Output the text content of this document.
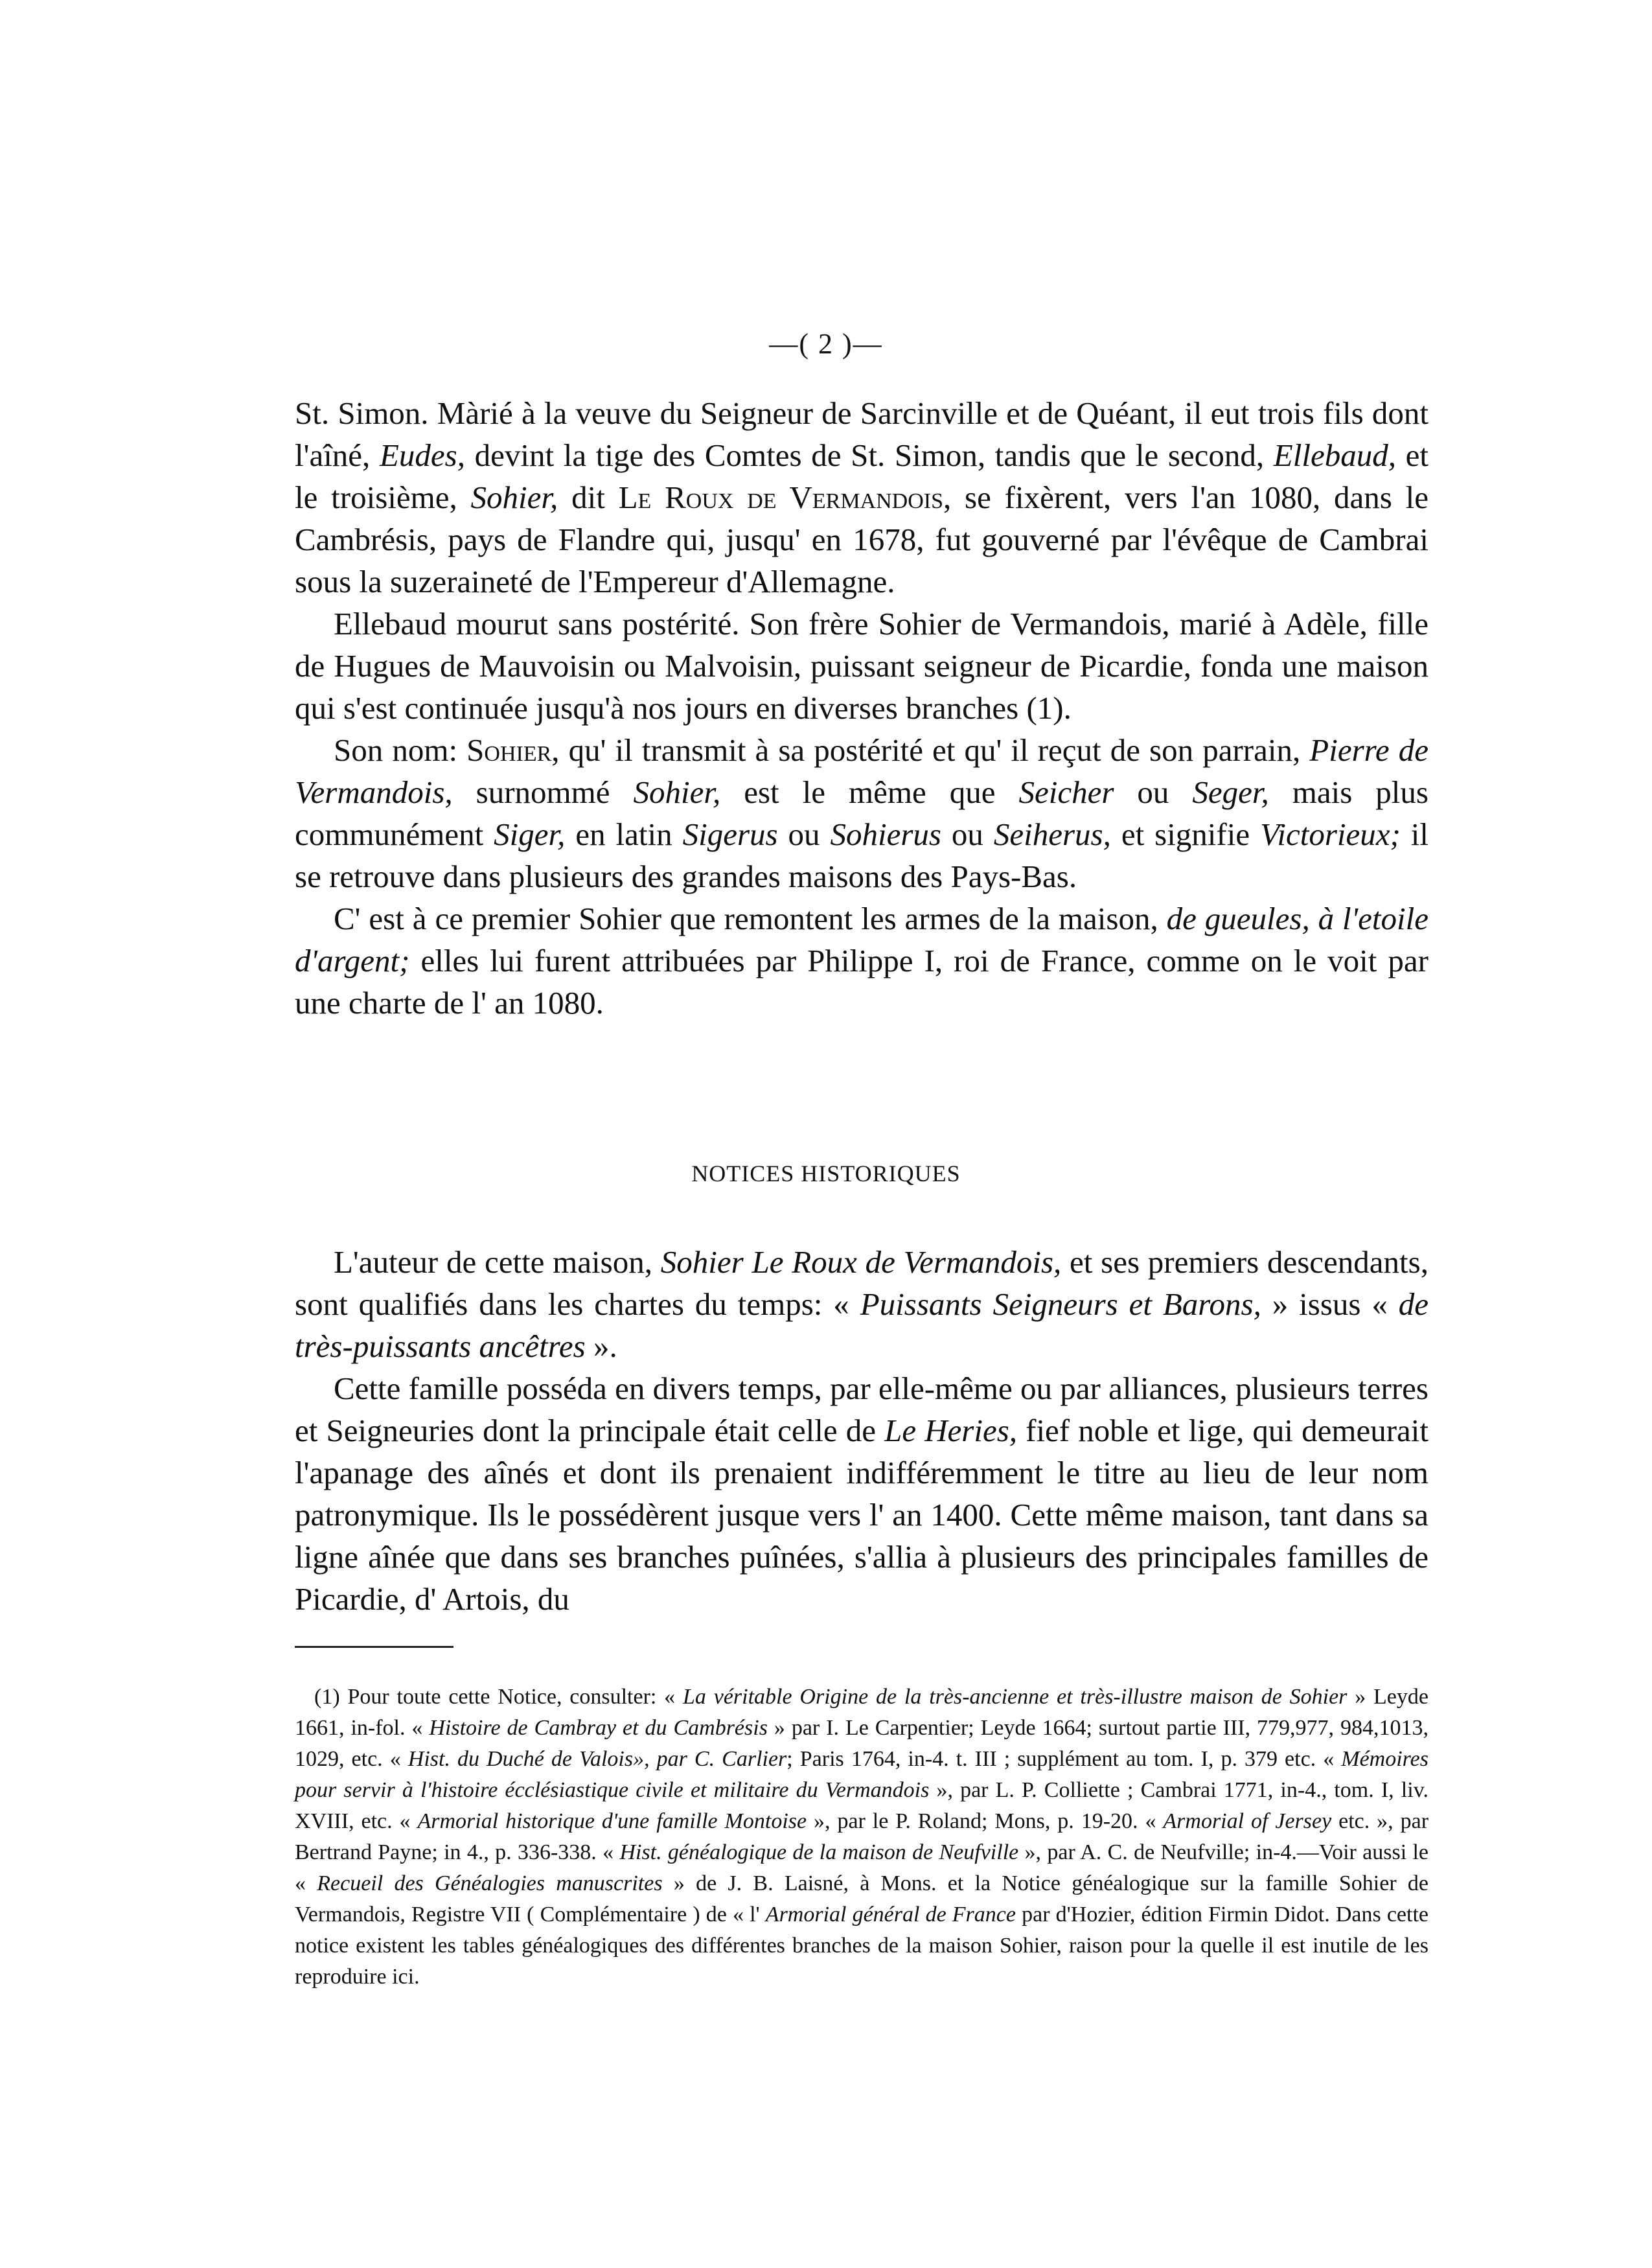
—( 2 )—

St. Simon. Màrié à la veuve du Seigneur de Sarcinville et de Quéant, il eut trois fils dont l'aîné, Eudes, devint la tige des Comtes de St. Simon, tandis que le second, Ellebaud, et le troisième, Sohier, dit Le Roux de Vermandois, se fixèrent, vers l'an 1080, dans le Cambrésis, pays de Flandre qui, jusqu' en 1678, fut gouverné par l'évêque de Cambrai sous la suzeraineté de l'Empereur d'Allemagne.

Ellebaud mourut sans postérité. Son frère Sohier de Vermandois, marié à Adèle, fille de Hugues de Mauvoisin ou Malvoisin, puissant seigneur de Picardie, fonda une maison qui s'est continuée jusqu'à nos jours en diverses branches (1).

Son nom: Sohier, qu' il transmit à sa postérité et qu' il reçut de son parrain, Pierre de Vermandois, surnommé Sohier, est le même que Seicher ou Seger, mais plus communément Siger, en latin Sigerus ou Sohierus ou Seiherus, et signifie Victorieux; il se retrouve dans plusieurs des grandes maisons des Pays-Bas.

C' est à ce premier Sohier que remontent les armes de la maison, de gueules, à l'etoile d'argent; elles lui furent attribuées par Philippe I, roi de France, comme on le voit par une charte de l' an 1080.

NOTICES HISTORIQUES

L'auteur de cette maison, Sohier Le Roux de Vermandois, et ses premiers descendants, sont qualifiés dans les chartes du temps: « Puissants Seigneurs et Barons, » issus « de très-puissants ancêtres ».

Cette famille posséda en divers temps, par elle-même ou par alliances, plusieurs terres et Seigneuries dont la principale était celle de Le Heries, fief noble et lige, qui demeurait l'apanage des aînés et dont ils prenaient indifféremment le titre au lieu de leur nom patronymique. Ils le possédèrent jusque vers l' an 1400. Cette même maison, tant dans sa ligne aînée que dans ses branches puînées, s'allia à plusieurs des principales familles de Picardie, d' Artois, du

(1) Pour toute cette Notice, consulter: « La véritable Origine de la très-ancienne et très-illustre maison de Sohier » Leyde 1661, in-fol. « Histoire de Cambray et du Cambrésis » par I. Le Carpentier; Leyde 1664; surtout partie III, 779,977, 984,1013, 1029, etc. « Hist. du Duché de Valois», par C. Carlier; Paris 1764, in-4. t. III ; supplément au tom. I, p. 379 etc. « Mémoires pour servir à l'histoire écclésiastique civile et militaire du Vermandois », par L. P. Colliette ; Cambrai 1771, in-4., tom. I, liv. XVIII, etc. « Armorial historique d'une famille Montoise », par le P. Roland; Mons, p. 19-20. « Armorial of Jersey etc. », par Bertrand Payne; in 4., p. 336-338. « Hist. généalogique de la maison de Neufville », par A. C. de Neufville; in-4.—Voir aussi le « Recueil des Généalogies manuscrites » de J. B. Laisné, à Mons. et la Notice généalogique sur la famille Sohier de Vermandois, Registre VII ( Complémentaire ) de « l' Armorial général de France par d'Hozier, édition Firmin Didot. Dans cette notice existent les tables généalogiques des différentes branches de la maison Sohier, raison pour la quelle il est inutile de les reproduire ici.
